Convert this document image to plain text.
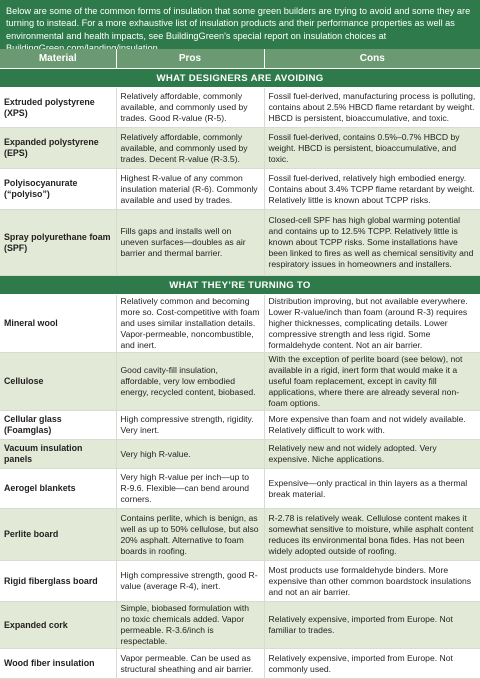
Below are some of the common forms of insulation that some green builders are trying to avoid and some they are turning to instead. For a more exhaustive list of insulation products and their performance properties as well as environmental and health impacts, see BuildingGreen's special report on insulation choices at
Material	Pros	Cons
WHAT DESIGNERS ARE AVOIDING		
Extruded polystyrene (XPS)	Relatively affordable, commonly available, and commonly used by trades. Good R-value (R-5).	Fossil fuel-derived, manufacturing process is polluting, contains about 2.5% HBCD flame retardant by weight. HBCD is persistent, bioaccumulative, and toxic.
Expanded polystyrene (EPS)	Relatively affordable, commonly available, and commonly used by trades. Decent R-value (R-3.5).	Fossil fuel-derived, contains 0.5%–0.7% HBCD by weight. HBCD is persistent, bioaccumulative, and toxic.
Polyisocyanurate (“polyiso”)	Highest R-value of any common insulation material (R-6). Commonly available and used by trades.	Fossil fuel-derived, relatively high embodied energy. Contains about 3.4% TCPP flame retardant by weight. Relatively little is known about TCPP risks.
Spray polyurethane foam (SPF)	Fills gaps and installs well on uneven surfaces—doubles as air barrier and thermal barrier.	Closed-cell SPF has high global warming potential and contains up to 12.5% TCPP. Relatively little is known about TCPP risks. Some installations have been linked to fires as well as chemical sensitivity and respiratory issues in homeowners and installers.
WHAT THEY’RE TURNING TO		
Mineral wool	Relatively common and becoming more so. Cost-competitive with foam and uses similar installation details. Vapor-permeable, noncombustible, and inert.	Distribution improving, but not available everywhere. Lower R-value/inch than foam (around R-3) requires higher thicknesses, complicating details. Lower compressive strength and less rigid. Some formaldehyde content. Not an air barrier.
Cellulose	Good cavity-fill insulation, affordable, very low embodied energy, recycled content, biobased.	With the exception of perlite board (see below), not available in a rigid, inert form that would make it a useful foam replacement, except in cavity fill applications, where there are already several non-foam options.
Cellular glass (Foamglas)	High compressive strength, rigidity. Very inert.	More expensive than foam and not widely available. Relatively difficult to work with.
Vacuum insulation panels	Very high R-value.	Relatively new and not widely adopted. Very expensive. Niche applications.
Aerogel blankets	Very high R-value per inch—up to R-9.6. Flexible—can bend around corners.	Expensive—only practical in thin layers as a thermal break material.
Perlite board	Contains perlite, which is benign, as well as up to 50% cellulose, but also 20% asphalt. Alternative to foam boards in roofing.	R-2.78 is relatively weak. Cellulose content makes it somewhat sensitive to moisture, while asphalt content reduces its environmental bona fides. Has not been widely adopted outside of roofing.
Rigid fiberglass board	High compressive strength, good R-value (average R-4), inert.	Most products use formaldehyde binders. More expensive than other common boardstock insulations and not an air barrier.
Expanded cork	Simple, biobased formulation with no toxic chemicals added. Vapor permeable. R-3.6/inch is respectable.	Relatively expensive, imported from Europe. Not familiar to trades.
Wood fiber insulation	Vapor permeable. Can be used as structural sheathing and air barrier.	Relatively expensive, imported from Europe. Not commonly used.
